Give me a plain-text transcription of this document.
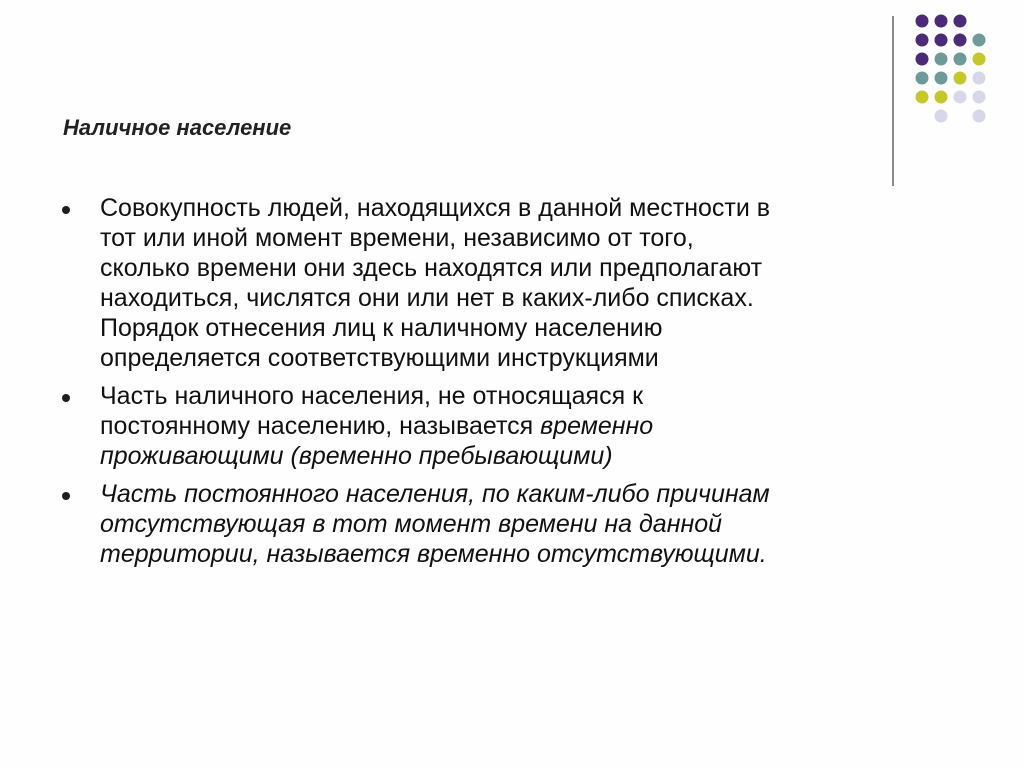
Наличное население
Совокупность людей, находящихся в данной местности в
тот или иной момент времени, независимо от того,
сколько времени они здесь находятся или предполагают
находиться, числятся они или нет в каких-либо списках.
Порядок отнесения лиц к наличному населению
определяется соответствующими инструкциями
Часть наличного населения, не относящаяся к
постоянному населению, называется временно
проживающими (временно пребывающими)
Часть постоянного населения, по каким-либо причинам
отсутствующая в тот момент времени на данной
территории, называется временно отсутствующими.
